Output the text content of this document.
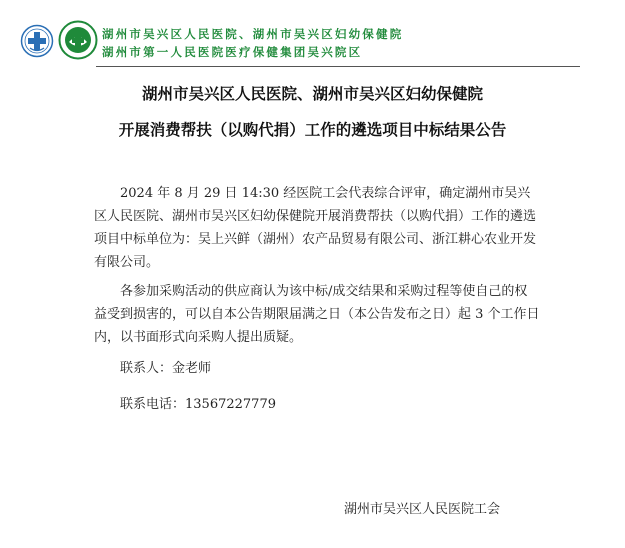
湖州市吴兴区人民医院、湖州市吴兴区妇幼保健院
湖州市第一人民医院医疗保健集团吴兴院区
湖州市吴兴区人民医院、湖州市吴兴区妇幼保健院
开展消费帮扶（以购代捐）工作的遴选项目中标结果公告

2024 年 8 月 29 日 14:30 经医院工会代表综合评审，确定湖州市吴兴区人民医院、湖州市吴兴区妇幼保健院开展消费帮扶（以购代捐）工作的遴选项目中标单位为：吴上兴鲜（湖州）农产品贸易有限公司、浙江耕心农业开发有限公司。

各参加采购活动的供应商认为该中标/成交结果和采购过程等使自己的权益受到损害的，可以自本公告期限届满之日（本公告发布之日）起 3 个工作日内，以书面形式向采购人提出质疑。

联系人：金老师
联系电话：13567227779
湖州市吴兴区人民医院工会
